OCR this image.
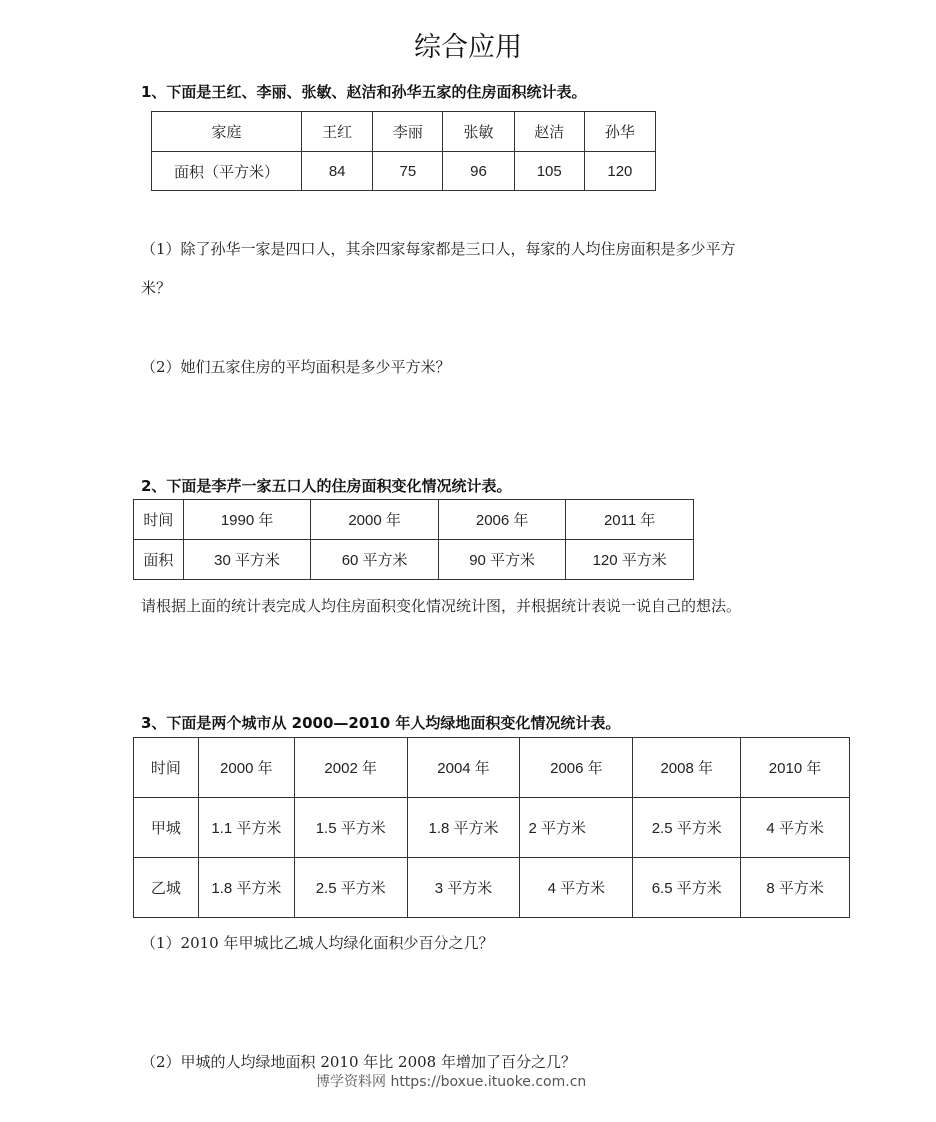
综合应用
1、下面是王红、李丽、张敏、赵洁和孙华五家的住房面积统计表。
家庭	王红	李丽	张敏	赵洁	孙华
面积（平方米）	84	75	96	105	120
（1）除了孙华一家是四口人，其余四家每家都是三口人，每家的人均住房面积是多少平方
米？
（2）她们五家住房的平均面积是多少平方米？
2、下面是李芹一家五口人的住房面积变化情况统计表。
时间	1990 年	2000 年	2006 年	2011 年
面积	30 平方米	60 平方米	90 平方米	120 平方米
请根据上面的统计表完成人均住房面积变化情况统计图，并根据统计表说一说自己的想法。
3、下面是两个城市从 2000—2010 年人均绿地面积变化情况统计表。
时间	2000 年	2002 年	2004 年	2006 年	2008 年	2010 年
甲城	1.1 平方米	1.5 平方米	1.8 平方米	2 平方米	2.5 平方米	4 平方米
乙城	1.8 平方米	2.5 平方米	3 平方米	4 平方米	6.5 平方米	8 平方米
（1）2010 年甲城比乙城人均绿化面积少百分之几？
（2）甲城的人均绿地面积 2010 年比 2008 年增加了百分之几？
博学资料网 https://boxue.ituoke.com.cn
